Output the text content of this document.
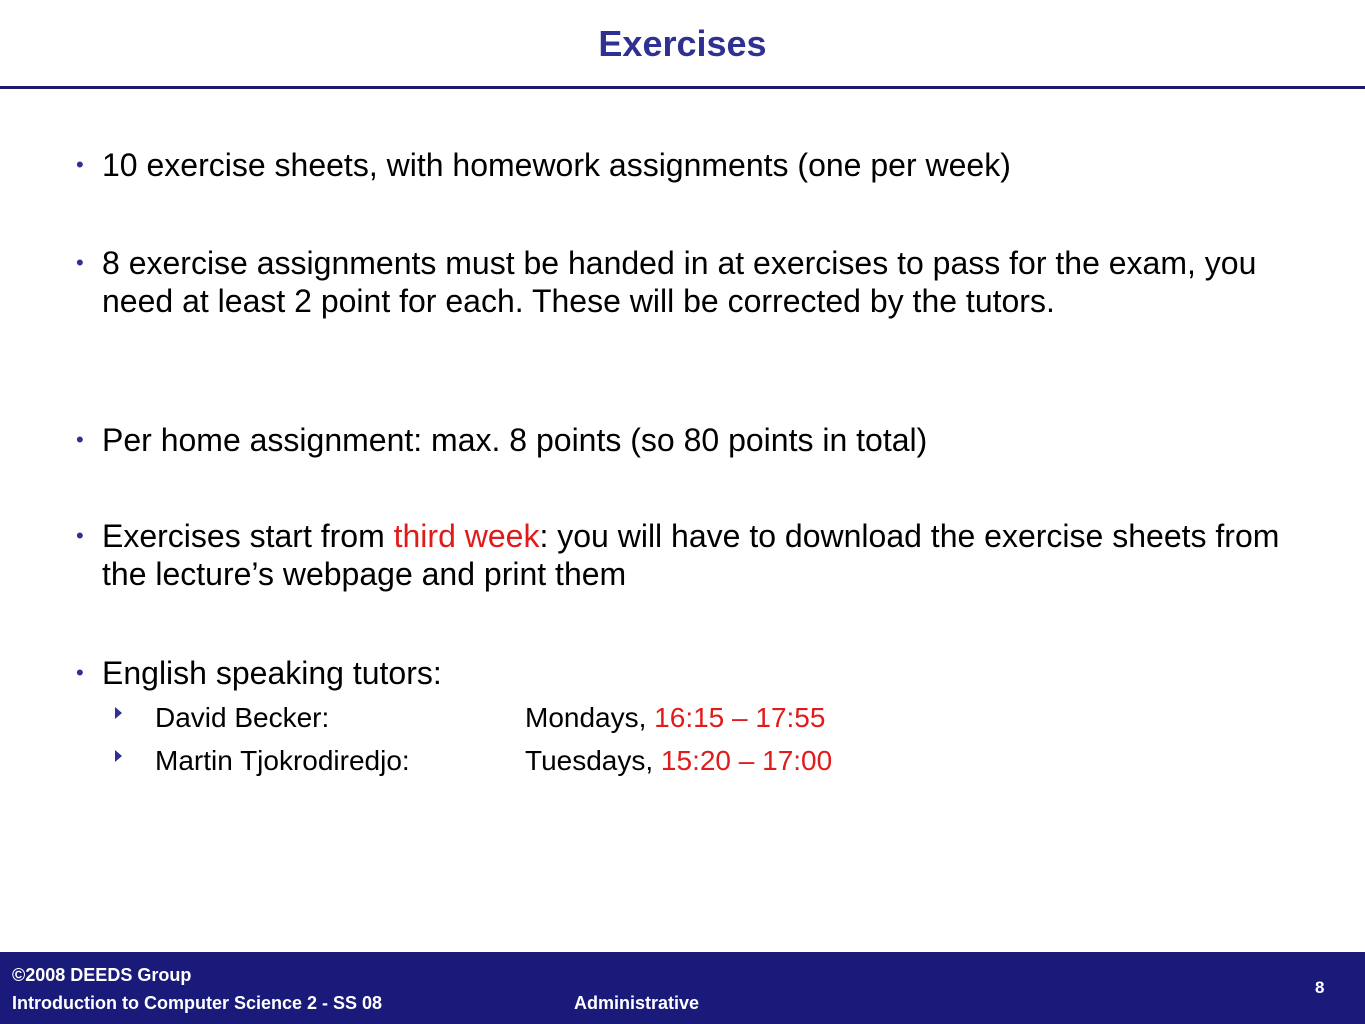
Exercises
• 10 exercise sheets, with homework assignments (one per week)
• 8 exercise assignments must be handed in at exercises to pass for the exam, you need at least 2 point for each. These will be corrected by the tutors.
• Per home assignment: max. 8 points (so 80 points in total)
• Exercises start from third week: you will have to download the exercise sheets from the lecture’s webpage and print them
• English speaking tutors:
David Becker:	Mondays, 16:15 – 17:55
Martin Tjokrodiredjo:	Tuesdays, 15:20 – 17:00
©2008 DEEDS Group
Introduction to Computer Science 2 - SS 08	Administrative
8
